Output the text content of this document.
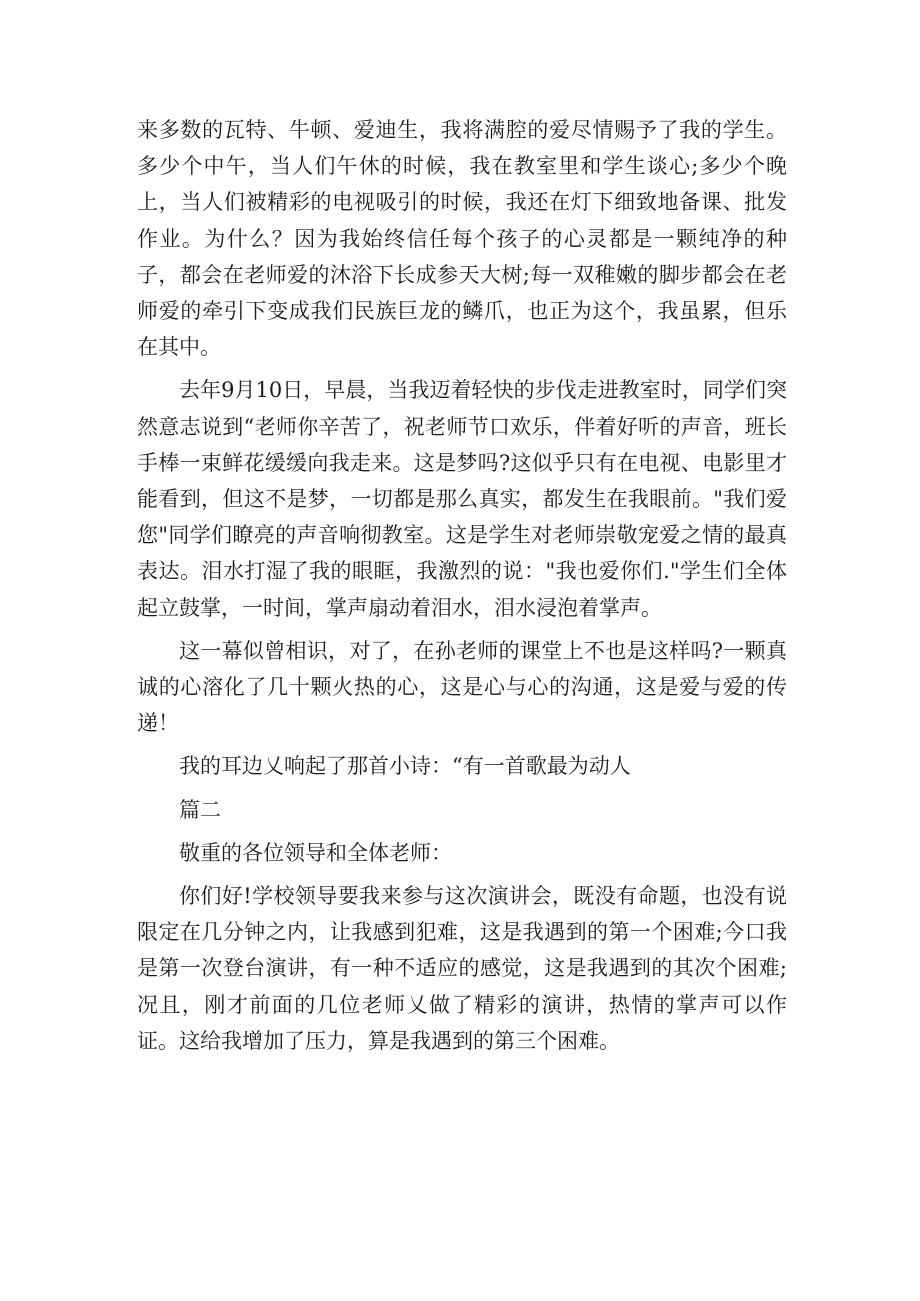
来多数的瓦特、牛顿、爱迪生，我将满腔的爱尽情赐予了我的学生。多少个中午，当人们午休的时候，我在教室里和学生谈心;多少个晚上，当人们被精彩的电视吸引的时候，我还在灯下细致地备课、批发作业。为什么？因为我始终信任每个孩子的心灵都是一颗纯净的种子，都会在老师爱的沐浴下长成参天大树;每一双稚嫩的脚步都会在老师爱的牵引下变成我们民族巨龙的鳞爪，也正为这个，我虽累，但乐在其中。

去年9月10日，早晨，当我迈着轻快的步伐走进教室时，同学们突然意志说到“老师你辛苦了，祝老师节口欢乐，伴着好听的声音，班长手棒一束鲜花缓缓向我走来。这是梦吗?这似乎只有在电视、电影里才能看到，但这不是梦，一切都是那么真实，都发生在我眼前。"我们爱您"同学们瞭亮的声音响彻教室。这是学生对老师崇敬宠爱之情的最真表达。泪水打湿了我的眼眶，我激烈的说："我也爱你们."学生们全体起立鼓掌，一时间，掌声扇动着泪水，泪水浸泡着掌声。

这一幕似曾相识，对了，在孙老师的课堂上不也是这样吗?一颗真诚的心溶化了几十颗火热的心，这是心与心的沟通，这是爱与爱的传递！

我的耳边乂响起了那首小诗：“有一首歌最为动人

篇二

敬重的各位领导和全体老师：

你们好!学校领导要我来参与这次演讲会，既没有命题，也没有说限定在几分钟之内，让我感到犯难，这是我遇到的第一个困难;今口我是第一次登台演讲，有一种不适应的感觉，这是我遇到的其次个困难;况且，刚才前面的几位老师乂做了精彩的演讲，热情的掌声可以作证。这给我增加了压力，算是我遇到的第三个困难。
